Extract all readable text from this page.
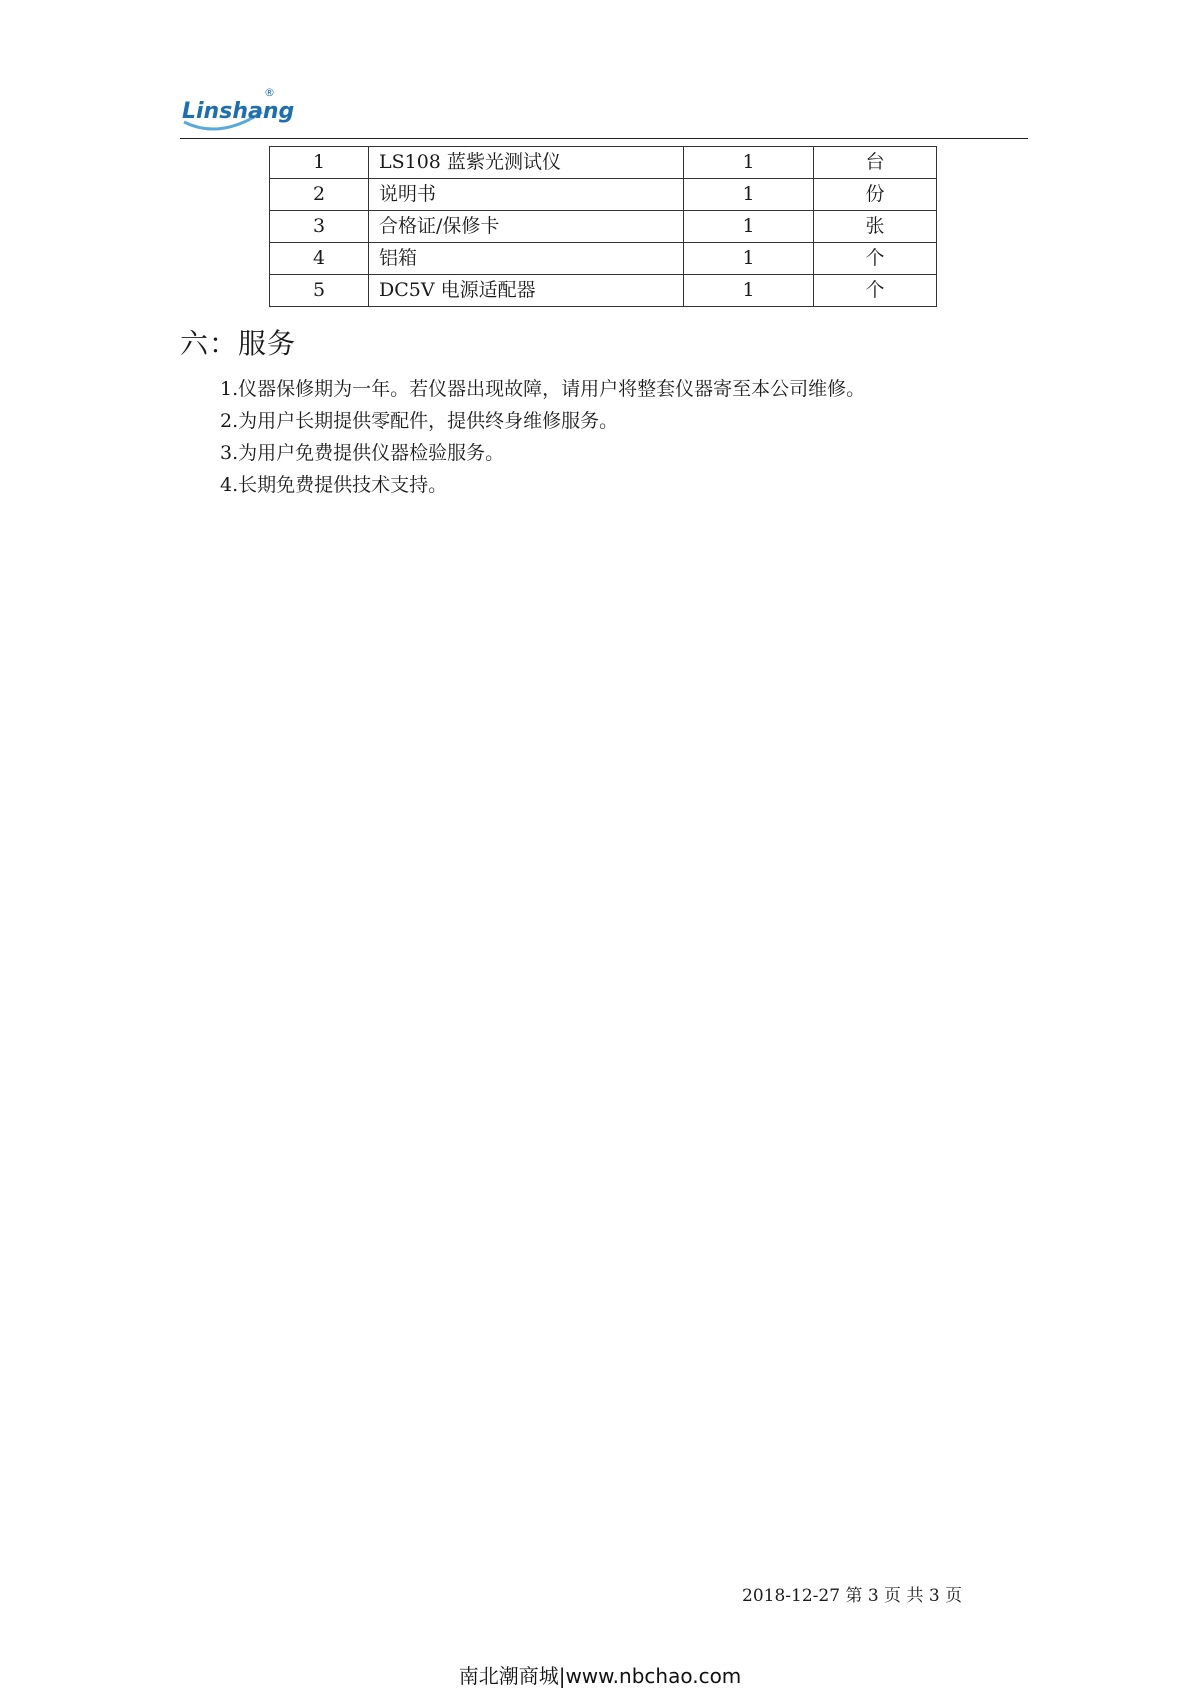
Linshang
®
1	LS108 蓝紫光测试仪	1	台
2	说明书	1	份
3	合格证/保修卡	1	张
4	铝箱	1	个
5	DC5V 电源适配器	1	个
六：服务
1.仪器保修期为一年。若仪器出现故障，请用户将整套仪器寄至本公司维修。
2.为用户长期提供零配件，提供终身维修服务。
3.为用户免费提供仪器检验服务。
4.长期免费提供技术支持。
2018-12-27 第 3 页 共 3 页
南北潮商城|www.nbchao.com
